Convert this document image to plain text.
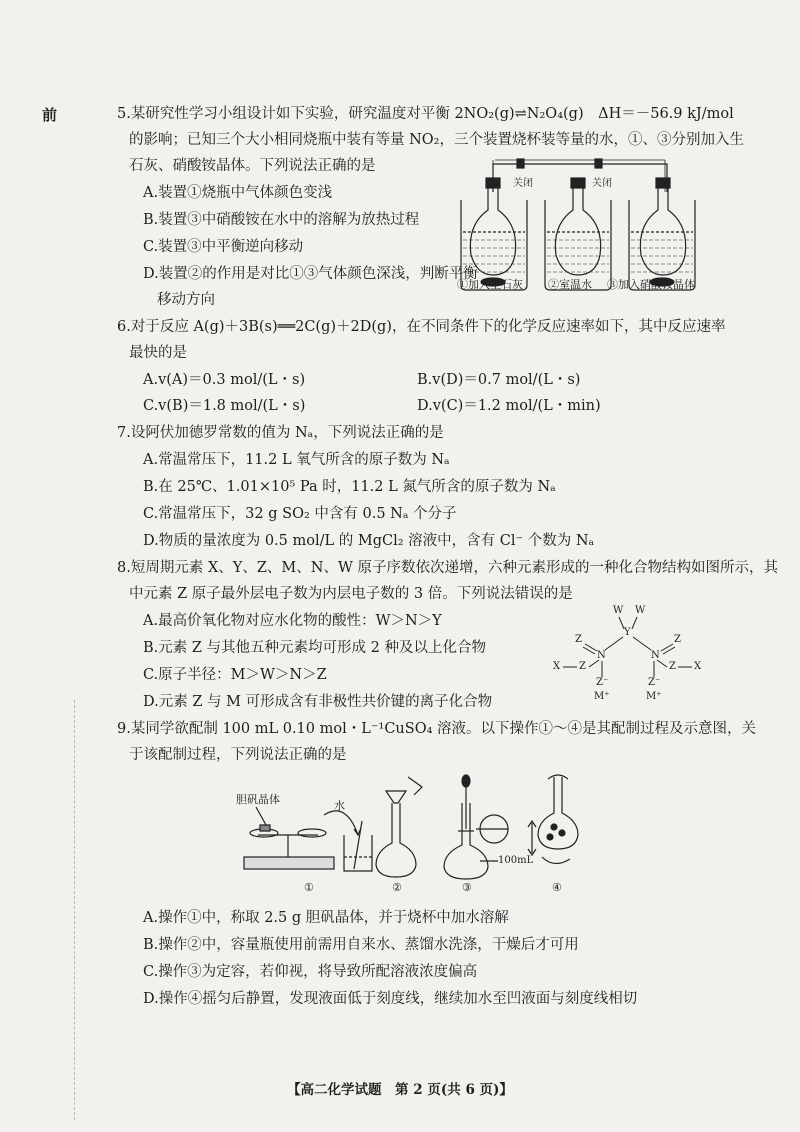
前	5.某研究性学习小组设计如下实验，研究温度对平衡 2NO₂(g)⇌N₂O₄(g)　ΔH＝－56.9 kJ/mol
的影响；已知三个大小相同烧瓶中装有等量 NO₂，三个装置烧杯装等量的水，①、③分别加入生
石灰、硝酸铵晶体。下列说法正确的是
A.装置①烧瓶中气体颜色变浅
B.装置③中硝酸铵在水中的溶解为放热过程
C.装置③中平衡逆向移动
D.装置②的作用是对比①③气体颜色深浅，判断平衡
移动方向
关闭	关闭
①加入生石灰 ②室温水 ③加入硝酸铵晶体
6.对于反应 A(g)＋3B(s)══2C(g)＋2D(g)，在不同条件下的化学反应速率如下，其中反应速率
最快的是
A.v(A)＝0.3 mol/(L・s)	B.v(D)＝0.7 mol/(L・s)
C.v(B)＝1.8 mol/(L・s)	D.v(C)＝1.2 mol/(L・min)
7.设阿伏加德罗常数的值为 Nₐ，下列说法正确的是
A.常温常压下，11.2 L 氧气所含的原子数为 Nₐ
B.在 25℃、1.01×10⁵ Pa 时，11.2 L 氮气所含的原子数为 Nₐ
C.常温常压下，32 g SO₂ 中含有 0.5 Nₐ 个分子
D.物质的量浓度为 0.5 mol/L 的 MgCl₂ 溶液中，含有 Cl⁻ 个数为 Nₐ
8.短周期元素 X、Y、Z、M、N、W 原子序数依次递增，六种元素形成的一种化合物结构如图所示，其
中元素 Z 原子最外层电子数为内层电子数的 3 倍。下列说法错误的是
A.最高价氧化物对应水化物的酸性：W＞N＞Y
B.元素 Z 与其他五种元素均可形成 2 种及以上化合物
C.原子半径：M＞W＞N＞Z
D.元素 Z 与 M 可形成含有非极性共价键的离子化合物
W W
Y
Z	Z
N	N
X Z	Z X
Z⁻	Z⁻
M⁺	M⁺
9.某同学欲配制 100 mL 0.10 mol・L⁻¹CuSO₄ 溶液。以下操作①～④是其配制过程及示意图，关
于该配制过程，下列说法正确的是
胆矾晶体	水
100mL
①	②	③	④
A.操作①中，称取 2.5 g 胆矾晶体，并于烧杯中加水溶解
B.操作②中，容量瓶使用前需用自来水、蒸馏水洗涤，干燥后才可用
C.操作③为定容，若仰视，将导致所配溶液浓度偏高
D.操作④摇匀后静置，发现液面低于刻度线，继续加水至凹液面与刻度线相切
【高二化学试题　第 2 页(共 6 页)】
